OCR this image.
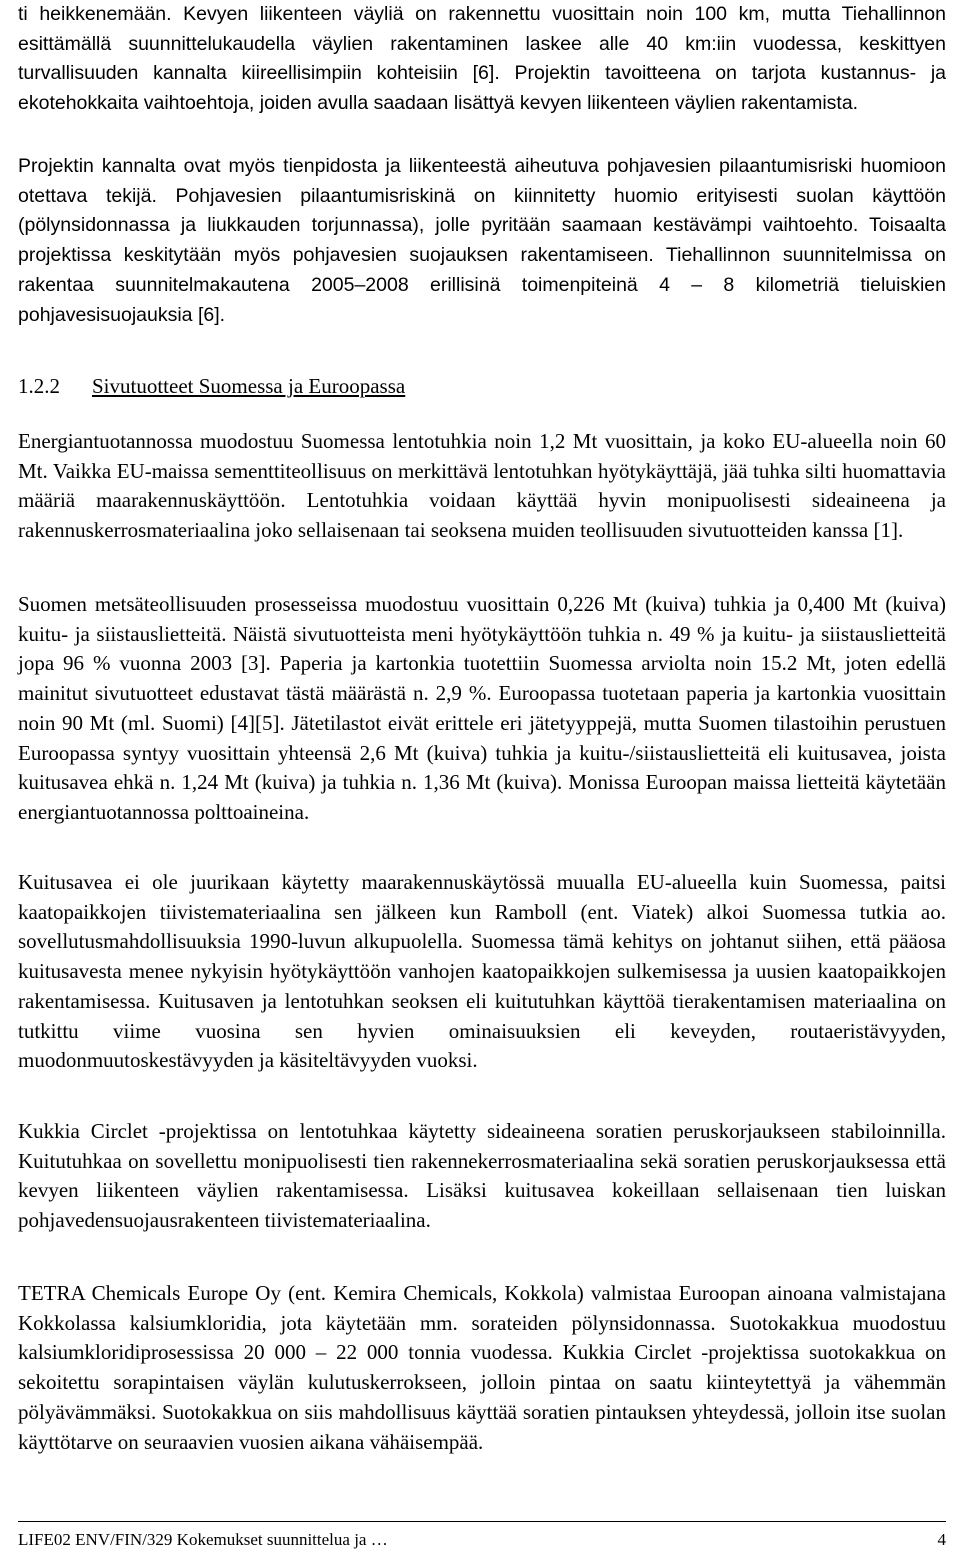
ti heikkenemään. Kevyen liikenteen väyliä on rakennettu vuosittain noin 100 km, mutta Tiehallinnon esittämällä suunnittelukaudella väylien rakentaminen laskee alle 40 km:iin vuodessa, keskittyen turvallisuuden kannalta kiireellisimpiin kohteisiin [6]. Projektin tavoitteena on tarjota kustannus- ja ekotehokkaita vaihtoehtoja, joiden avulla saadaan lisättyä kevyen liikenteen väylien rakentamista.

Projektin kannalta ovat myös tienpidosta ja liikenteestä aiheutuva pohjavesien pilaantumisriski huomioon otettava tekijä. Pohjavesien pilaantumisriskinä on kiinnitetty huomio erityisesti suolan käyttöön (pölynsidonnassa ja liukkauden torjunnassa), jolle pyritään saamaan kestävämpi vaihtoehto. Toisaalta projektissa keskitytään myös pohjavesien suojauksen rakentamiseen. Tiehallinnon suunnitelmissa on rakentaa suunnitelmakautena 2005–2008 erillisinä toimenpiteinä 4 – 8 kilometriä tieluiskien pohjavesisuojauksia [6].

1.2.2 Sivutuotteet Suomessa ja Euroopassa

Energiantuotannossa muodostuu Suomessa lentotuhkia noin 1,2 Mt vuosittain, ja koko EU-alueella noin 60 Mt. Vaikka EU-maissa sementtiteollisuus on merkittävä lentotuhkan hyötykäyttäjä, jää tuhka silti huomattavia määriä maarakennuskäyttöön. Lentotuhkia voidaan käyttää hyvin monipuolisesti sideaineena ja rakennuskerrosmateriaalina joko sellaisenaan tai seoksena muiden teollisuuden sivutuotteiden kanssa [1].

Suomen metsäteollisuuden prosesseissa muodostuu vuosittain 0,226 Mt (kuiva) tuhkia ja 0,400 Mt (kuiva) kuitu- ja siistauslietteitä. Näistä sivutuotteista meni hyötykäyttöön tuhkia n. 49 % ja kuitu- ja siistauslietteitä jopa 96 % vuonna 2003 [3]. Paperia ja kartonkia tuotettiin Suomessa arviolta noin 15.2 Mt, joten edellä mainitut sivutuotteet edustavat tästä määrästä n. 2,9 %. Euroopassa tuotetaan paperia ja kartonkia vuosittain noin 90 Mt (ml. Suomi) [4][5]. Jätetilastot eivät erittele eri jätetyyppejä, mutta Suomen tilastoihin perustuen Euroopassa syntyy vuosittain yhteensä 2,6 Mt (kuiva) tuhkia ja kuitu-/siistauslietteitä eli kuitusavea, joista kuitusavea ehkä n. 1,24 Mt (kuiva) ja tuhkia n. 1,36 Mt (kuiva). Monissa Euroopan maissa lietteitä käytetään energiantuotannossa polttoaineina.

Kuitusavea ei ole juurikaan käytetty maarakennuskäytössä muualla EU-alueella kuin Suomessa, paitsi kaatopaikkojen tiivistemateriaalina sen jälkeen kun Ramboll (ent. Viatek) alkoi Suomessa tutkia ao. sovellutusmahdollisuuksia 1990-luvun alkupuolella. Suomessa tämä kehitys on johtanut siihen, että pääosa kuitusavesta menee nykyisin hyötykäyttöön vanhojen kaatopaikkojen sulkemisessa ja uusien kaatopaikkojen rakentamisessa. Kuitusaven ja lentotuhkan seoksen eli kuitutuhkan käyttöä tierakentamisen materiaalina on tutkittu viime vuosina sen hyvien ominaisuuksien eli keveyden, routaeristävyyden, muodonmuutoskestävyyden ja käsiteltävyyden vuoksi.

Kukkia Circlet -projektissa on lentotuhkaa käytetty sideaineena soratien peruskorjaukseen stabiloinnilla. Kuitutuhkaa on sovellettu monipuolisesti tien rakennekerrosmateriaalina sekä soratien peruskorjauksessa että kevyen liikenteen väylien rakentamisessa. Lisäksi kuitusavea kokeillaan sellaisenaan tien luiskan pohjavedensuojausrakenteen tiivistemateriaalina.

TETRA Chemicals Europe Oy (ent. Kemira Chemicals, Kokkola) valmistaa Euroopan ainoana valmistajana Kokkolassa kalsiumkloridia, jota käytetään mm. sorateiden pölynsidonnassa. Suotokakkua muodostuu kalsiumkloridiprosessissa 20 000 – 22 000 tonnia vuodessa. Kukkia Circlet -projektissa suotokakkua on sekoitettu sorapintaisen väylän kulutuskerrokseen, jolloin pintaa on saatu kiinteytettyä ja vähemmän pölyävämmäksi. Suotokakkua on siis mahdollisuus käyttää soratien pintauksen yhteydessä, jolloin itse suolan käyttötarve on seuraavien vuosien aikana vähäisempää.

LIFE02 ENV/FIN/329 Kokemukset suunnittelua ja …	4
